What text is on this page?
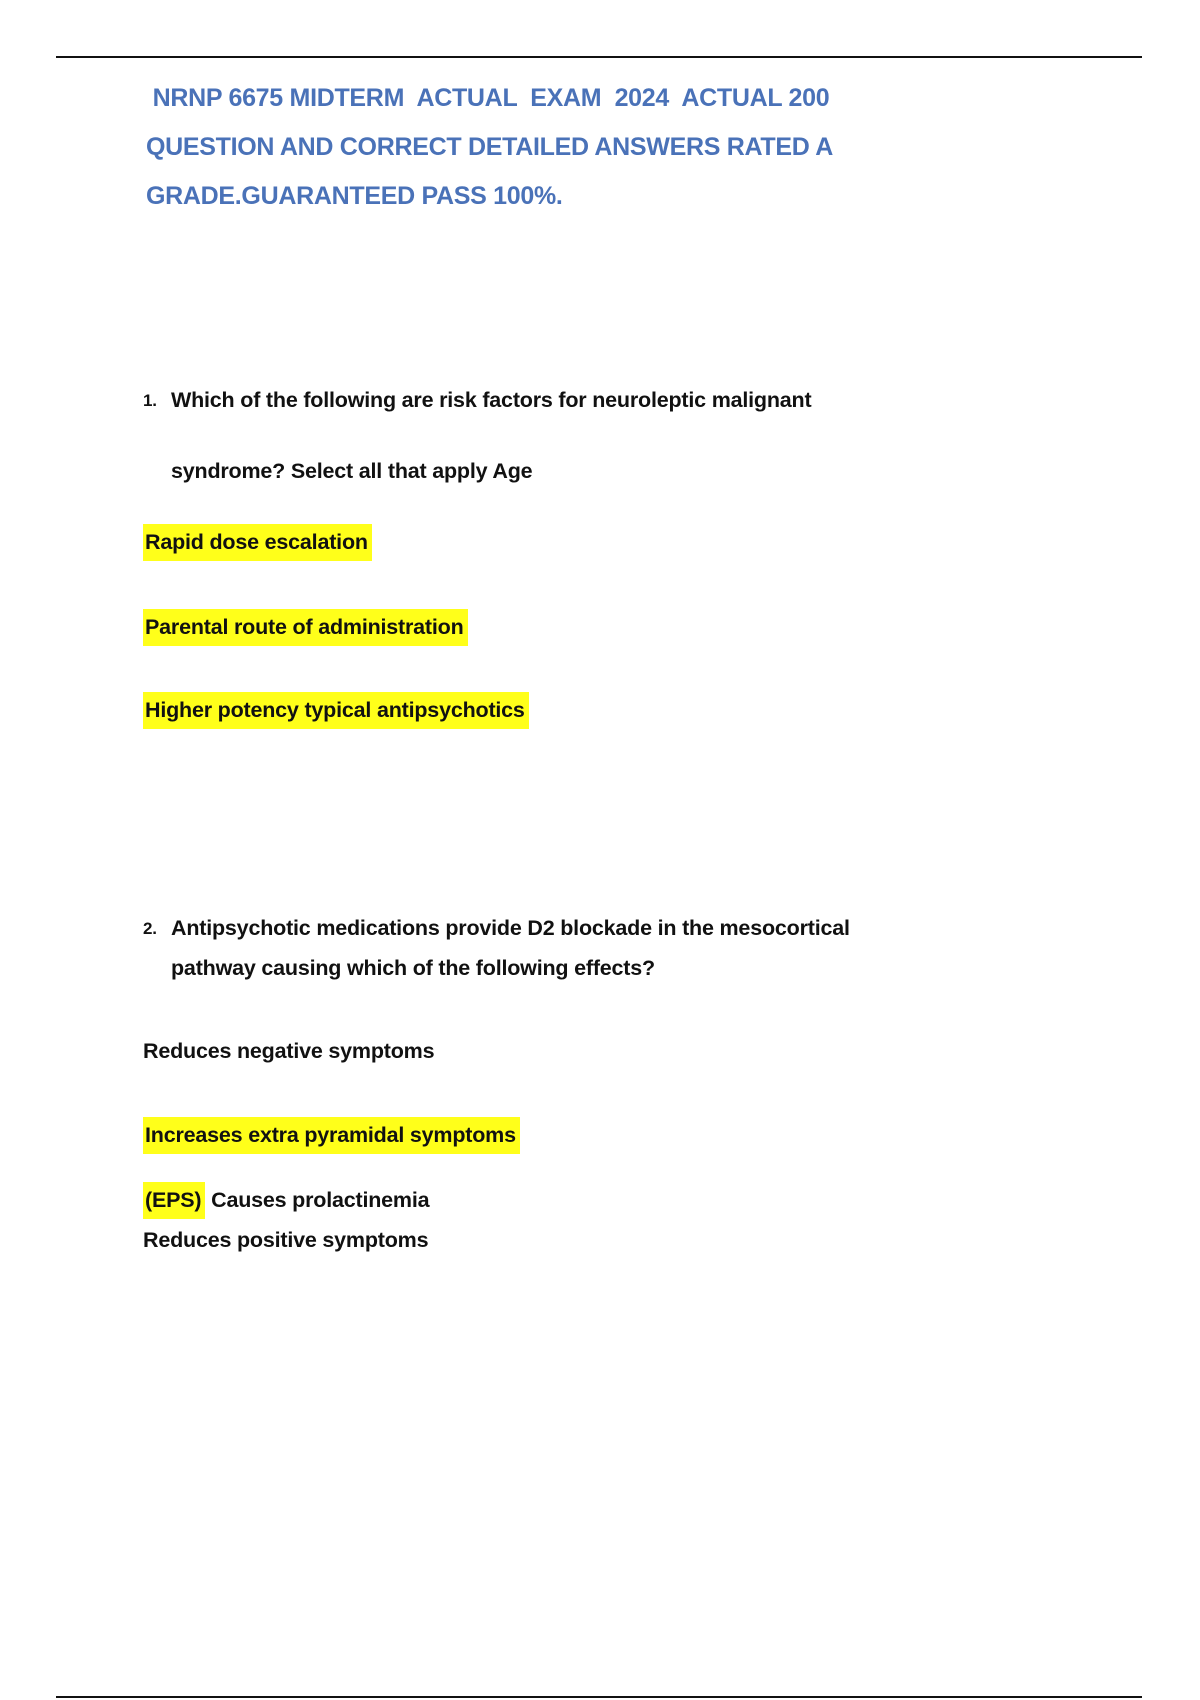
NRNP 6675 MIDTERM  ACTUAL  EXAM  2024  ACTUAL 200
QUESTION AND CORRECT DETAILED ANSWERS RATED A
GRADE.GUARANTEED PASS 100%.
1. Which of the following are risk factors for neuroleptic malignant
syndrome? Select all that apply Age
Rapid dose escalation
Parental route of administration
Higher potency typical antipsychotics
2. Antipsychotic medications provide D2 blockade in the mesocortical
pathway causing which of the following effects?
Reduces negative symptoms
Increases extra pyramidal symptoms
(EPS) Causes prolactinemia
Reduces positive symptoms
